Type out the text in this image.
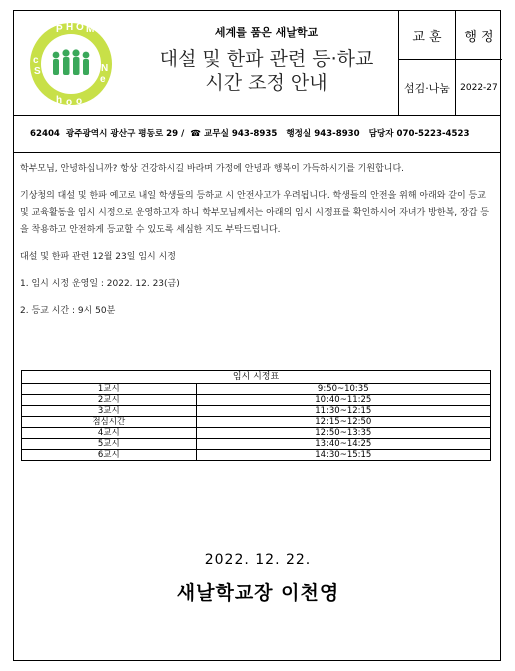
P H O M
S
c
N
e
h o o
세계를 품은 새날학교
대설 및 한파 관련 등·하교
시간 조정 안내
교 훈	행 정
섬김·나눔	2022-27
62404 광주광역시 광산구 평동로 29 /  ☎ 교무실 943-8935 행정실 943-8930 담당자 070-5223-4523

학부모님, 안녕하십니까? 항상 건강하시길 바라며 가정에 안녕과 행복이 가득하시기를 기원합니다.

기상청의 대설 및 한파 예고로 내일 학생들의 등하교 시 안전사고가 우려됩니다. 학생들의 안전을 위해 아래와 같이 등교 및 교육활동을 임시 시정으로 운영하고자 하니 학부모님께서는 아래의 임시 시정표를 확인하시어 자녀가 방한복, 장갑 등을 착용하고 안전하게 등교할 수 있도록 세심한 지도 부탁드립니다.

대설 및 한파 관련 12월 23일 임시 시정

1. 임시 시정 운영일 : 2022. 12. 23(금)

2. 등교 시간 : 9시 50분

임시 시정표	
1교시	9:50~10:35
2교시	10:40~11:25
3교시	11:30~12:15
점심시간	12:15~12:50
4교시	12:50~13:35
5교시	13:40~14:25
6교시	14:30~15:15
2022. 12. 22.
새날학교장 이천영
